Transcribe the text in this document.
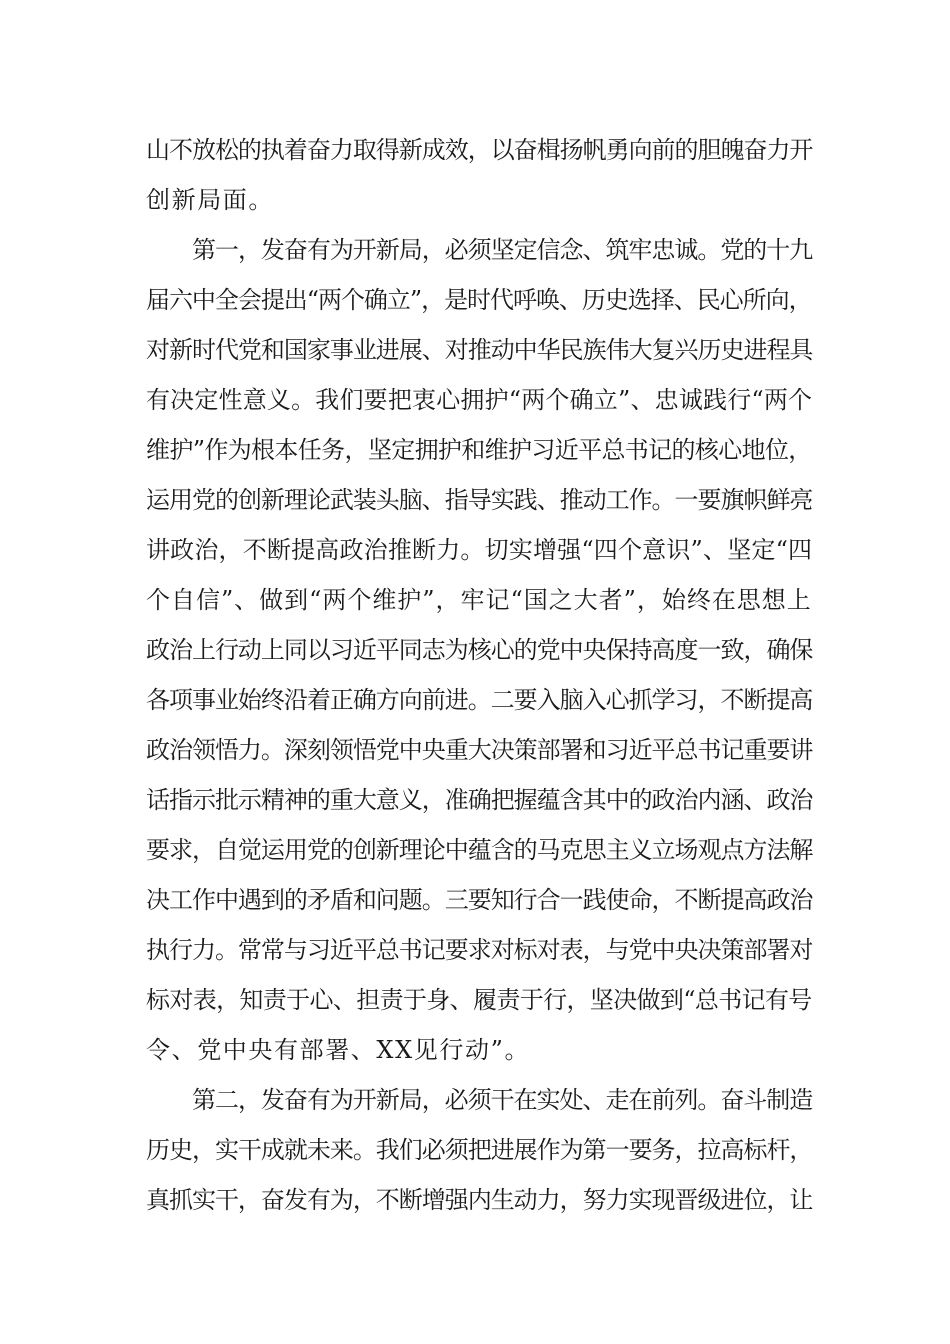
山不放松的执着奋力取得新成效，以奋楫扬帆勇向前的胆魄奋力开
创新局面。
第一，发奋有为开新局，必须坚定信念、筑牢忠诚。党的十九
届六中全会提出“两个确立”，是时代呼唤、历史选择、民心所向，
对新时代党和国家事业进展、对推动中华民族伟大复兴历史进程具
有决定性意义。我们要把衷心拥护“两个确立”、忠诚践行“两个
维护”作为根本任务，坚定拥护和维护习近平总书记的核心地位，
运用党的创新理论武装头脑、指导实践、推动工作。一要旗帜鲜亮
讲政治，不断提高政治推断力。切实增强“四个意识”、坚定“四
个自信”、做到“两个维护”，牢记“国之大者”，始终在思想上
政治上行动上同以习近平同志为核心的党中央保持高度一致，确保
各项事业始终沿着正确方向前进。二要入脑入心抓学习，不断提高
政治领悟力。深刻领悟党中央重大决策部署和习近平总书记重要讲
话指示批示精神的重大意义，准确把握蕴含其中的政治内涵、政治
要求，自觉运用党的创新理论中蕴含的马克思主义立场观点方法解
决工作中遇到的矛盾和问题。三要知行合一践使命，不断提高政治
执行力。常常与习近平总书记要求对标对表，与党中央决策部署对
标对表，知责于心、担责于身、履责于行，坚决做到“总书记有号
令、党中央有部署、XX见行动”。
第二，发奋有为开新局，必须干在实处、走在前列。奋斗制造
历史，实干成就未来。我们必须把进展作为第一要务，拉高标杆，
真抓实干，奋发有为，不断增强内生动力，努力实现晋级进位，让
